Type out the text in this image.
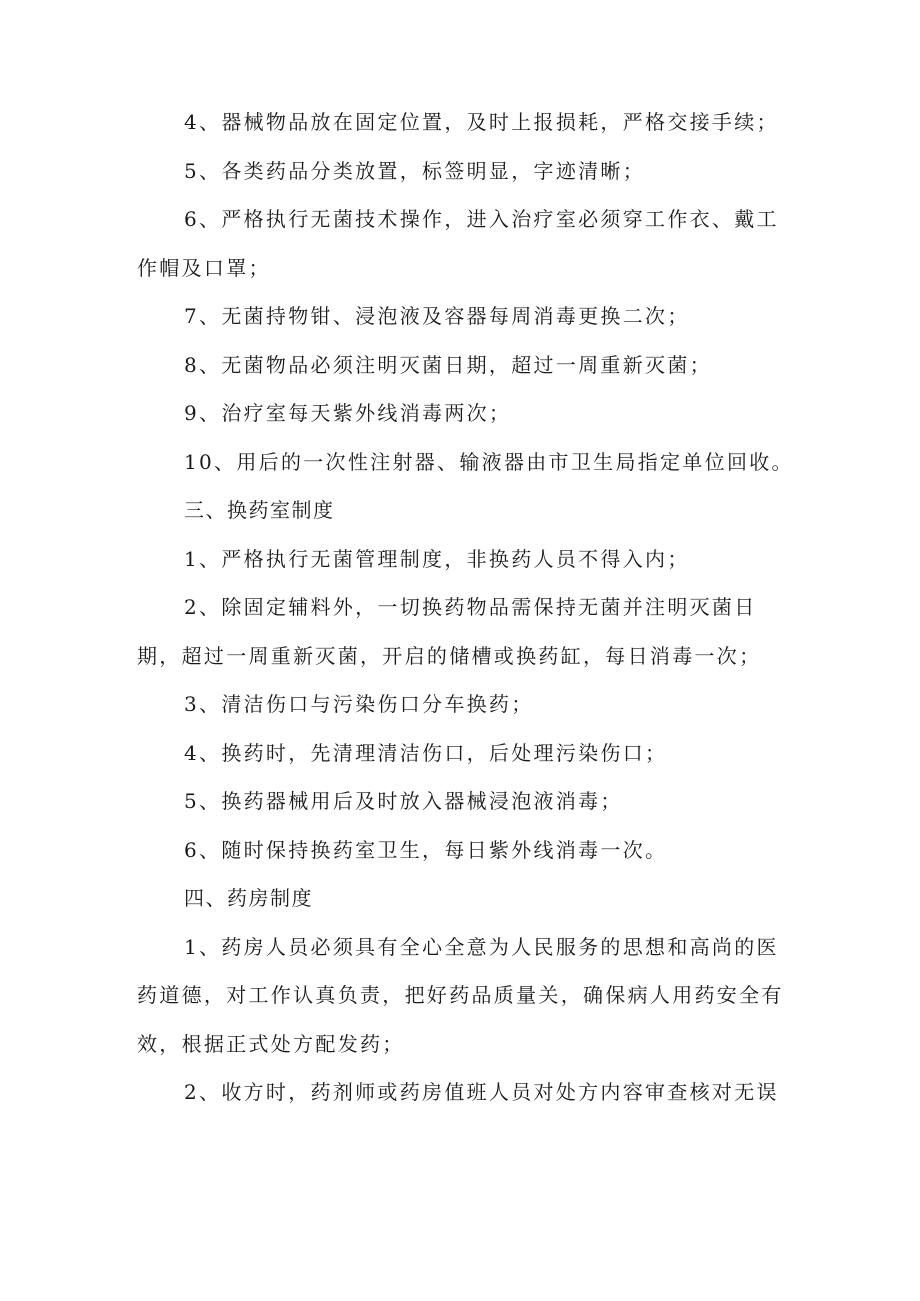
4、器械物品放在固定位置，及时上报损耗，严格交接手续；

5、各类药品分类放置，标签明显，字迹清晰；

6、严格执行无菌技术操作，进入治疗室必须穿工作衣、戴工作帽及口罩；

7、无菌持物钳、浸泡液及容器每周消毒更换二次；

8、无菌物品必须注明灭菌日期，超过一周重新灭菌；

9、治疗室每天紫外线消毒两次；

10、用后的一次性注射器、输液器由市卫生局指定单位回收。

三、换药室制度

1、严格执行无菌管理制度，非换药人员不得入内；

2、除固定辅料外，一切换药物品需保持无菌并注明灭菌日期，超过一周重新灭菌，开启的储槽或换药缸，每日消毒一次；

3、清洁伤口与污染伤口分车换药；

4、换药时，先清理清洁伤口，后处理污染伤口；

5、换药器械用后及时放入器械浸泡液消毒；

6、随时保持换药室卫生，每日紫外线消毒一次。

四、药房制度

1、药房人员必须具有全心全意为人民服务的思想和高尚的医药道德，对工作认真负责，把好药品质量关，确保病人用药安全有效，根据正式处方配发药；

2、收方时，药剂师或药房值班人员对处方内容审查核对无误
